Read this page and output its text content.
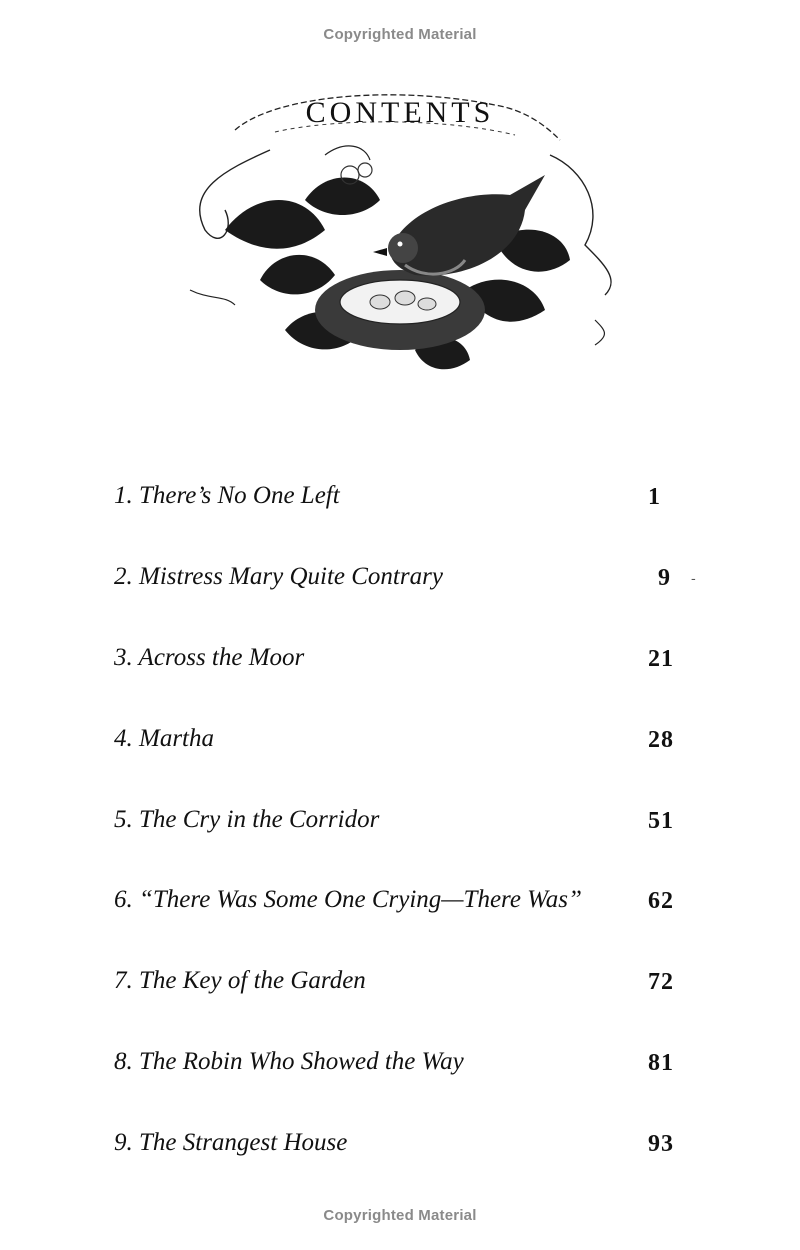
Copyrighted Material
CONTENTS
1. There’s No One Left	1
2. Mistress Mary Quite Contrary	9
3. Across the Moor	21
4. Martha	28
5. The Cry in the Corridor	51
6. “There Was Some One Crying—There Was”	62
7. The Key of the Garden	72
8. The Robin Who Showed the Way	81
9. The Strangest House	93
-
Copyrighted Material
